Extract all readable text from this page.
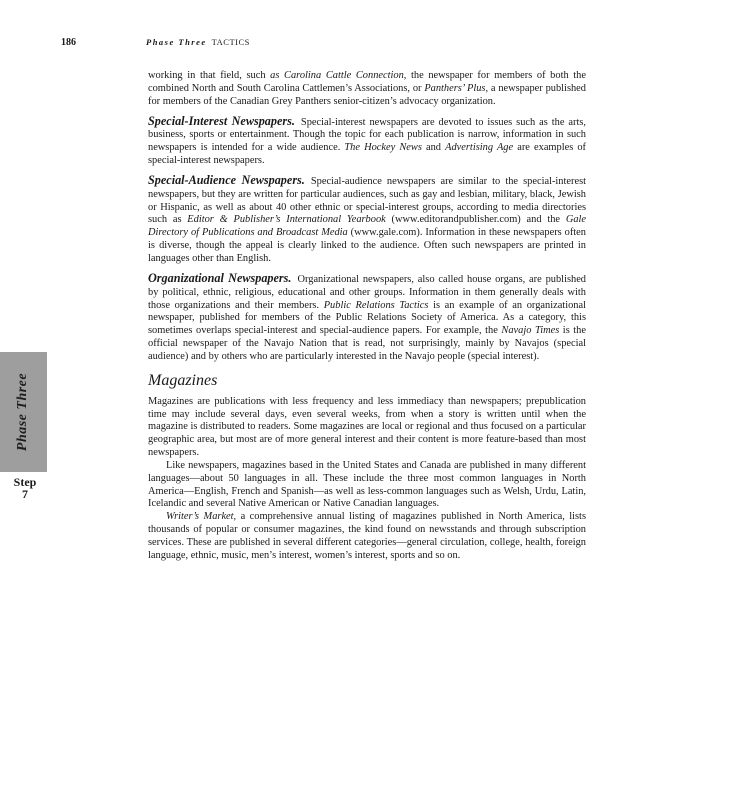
186	Phase Three TACTICS
Phase Three
Step
7

working in that field, such as Carolina Cattle Connection, the newspaper for members of both the combined North and South Carolina Cattlemen’s Associations, or Panthers’ Plus, a newspaper published for members of the Canadian Grey Panthers senior-citizen’s advocacy organization.

Special-Interest Newspapers. Special-interest newspapers are devoted to issues such as the arts, business, sports or entertainment. Though the topic for each publication is narrow, information in such newspapers is intended for a wide audience. The Hockey News and Advertising Age are examples of special-interest newspapers.

Special-Audience Newspapers. Special-audience newspapers are similar to the special-interest newspapers, but they are written for particular audiences, such as gay and lesbian, military, black, Jewish or Hispanic, as well as about 40 other ethnic or special-interest groups, according to media directories such as Editor & Publisher’s International Yearbook (www.editorandpublisher.com) and the Gale Directory of Publications and Broadcast Media (www.gale.com). Information in these newspapers often is diverse, though the appeal is clearly linked to the audience. Often such newspapers are printed in languages other than English.

Organizational Newspapers. Organizational newspapers, also called house organs, are published by political, ethnic, religious, educational and other groups. Information in them generally deals with those organizations and their members. Public Relations Tactics is an example of an organizational newspaper, published for members of the Public Relations Society of America. As a category, this sometimes overlaps special-interest and special-audience papers. For example, the Navajo Times is the official newspaper of the Navajo Nation that is read, not surprisingly, mainly by Navajos (special audience) and by others who are particularly interested in the Navajo people (special interest).

Magazines

Magazines are publications with less frequency and less immediacy than newspapers; prepublication time may include several days, even several weeks, from when a story is written until when the magazine is distributed to readers. Some magazines are local or regional and thus focused on a particular geographic area, but most are of more general interest and their content is more feature-based than most newspapers.

Like newspapers, magazines based in the United States and Canada are published in many different languages—about 50 languages in all. These include the three most common languages in North America—English, French and Spanish—as well as less-common languages such as Welsh, Urdu, Latin, Icelandic and several Native American or Native Canadian languages.

Writer’s Market, a comprehensive annual listing of magazines published in North America, lists thousands of popular or consumer magazines, the kind found on newsstands and through subscription services. These are published in several different categories—general circulation, college, health, foreign language, ethnic, music, men’s interest, women’s interest, sports and so on.
